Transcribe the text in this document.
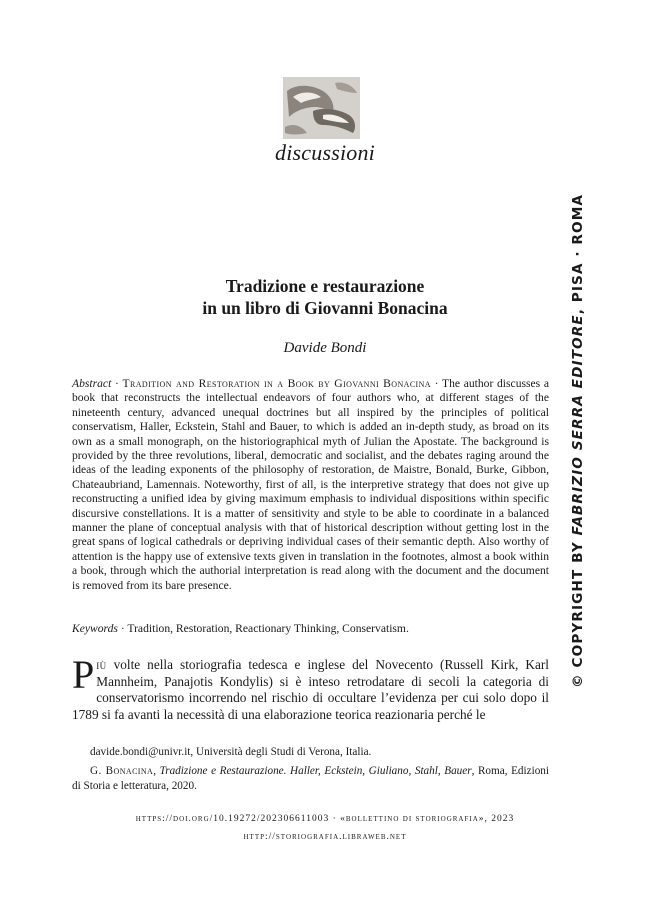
discussioni
Tradizione e restaurazione
in un libro di Giovanni Bonacina
Davide Bondi
Abstract · Tradition and Restoration in a Book by Giovanni Bonacina · The author discusses a book that reconstructs the intellectual endeavors of four authors who, at different stages of the nineteenth century, advanced unequal doctrines but all inspired by the principles of political conservatism, Haller, Eckstein, Stahl and Bauer, to which is added an in-depth study, as broad on its own as a small monograph, on the historiographical myth of Julian the Apostate. The background is provided by the three revolutions, liberal, democratic and socialist, and the debates raging around the ideas of the leading exponents of the philosophy of restoration, de Maistre, Bonald, Burke, Gibbon, Chateaubriand, Lamennais. Noteworthy, first of all, is the interpretive strategy that does not give up reconstructing a unified idea by giving maximum emphasis to individual dispositions within specific discursive constellations. It is a matter of sensitivity and style to be able to coordinate in a balanced manner the plane of conceptual analysis with that of historical description without getting lost in the great spans of logical cathedrals or depriving individual cases of their semantic depth. Also worthy of attention is the happy use of extensive texts given in translation in the footnotes, almost a book within a book, through which the authorial interpretation is read along with the document and the document is removed from its bare presence.
Keywords · Tradition, Restoration, Reactionary Thinking, Conservatism.
Più volte nella storiografia tedesca e inglese del Novecento (Russell Kirk, Karl Mannheim, Panajotis Kondylis) si è inteso retrodatare di secoli la categoria di conservatorismo incorrendo nel rischio di occultare l’evidenza per cui solo dopo il 1789 si fa avanti la necessità di una elaborazione teorica reazionaria perché le
davide.bondi@univr.it, Università degli Studi di Verona, Italia.
G. Bonacina, Tradizione e Restaurazione. Haller, Eckstein, Giuliano, Stahl, Bauer, Roma, Edizioni di Storia e letteratura, 2020.
https://doi.org/10.19272/202306611003 · «bollettino di storiografia», 2023
http://storiografia.libraweb.net
© COPYRIGHT BY FABRIZIO SERRA EDITORE, PISA · ROMA
